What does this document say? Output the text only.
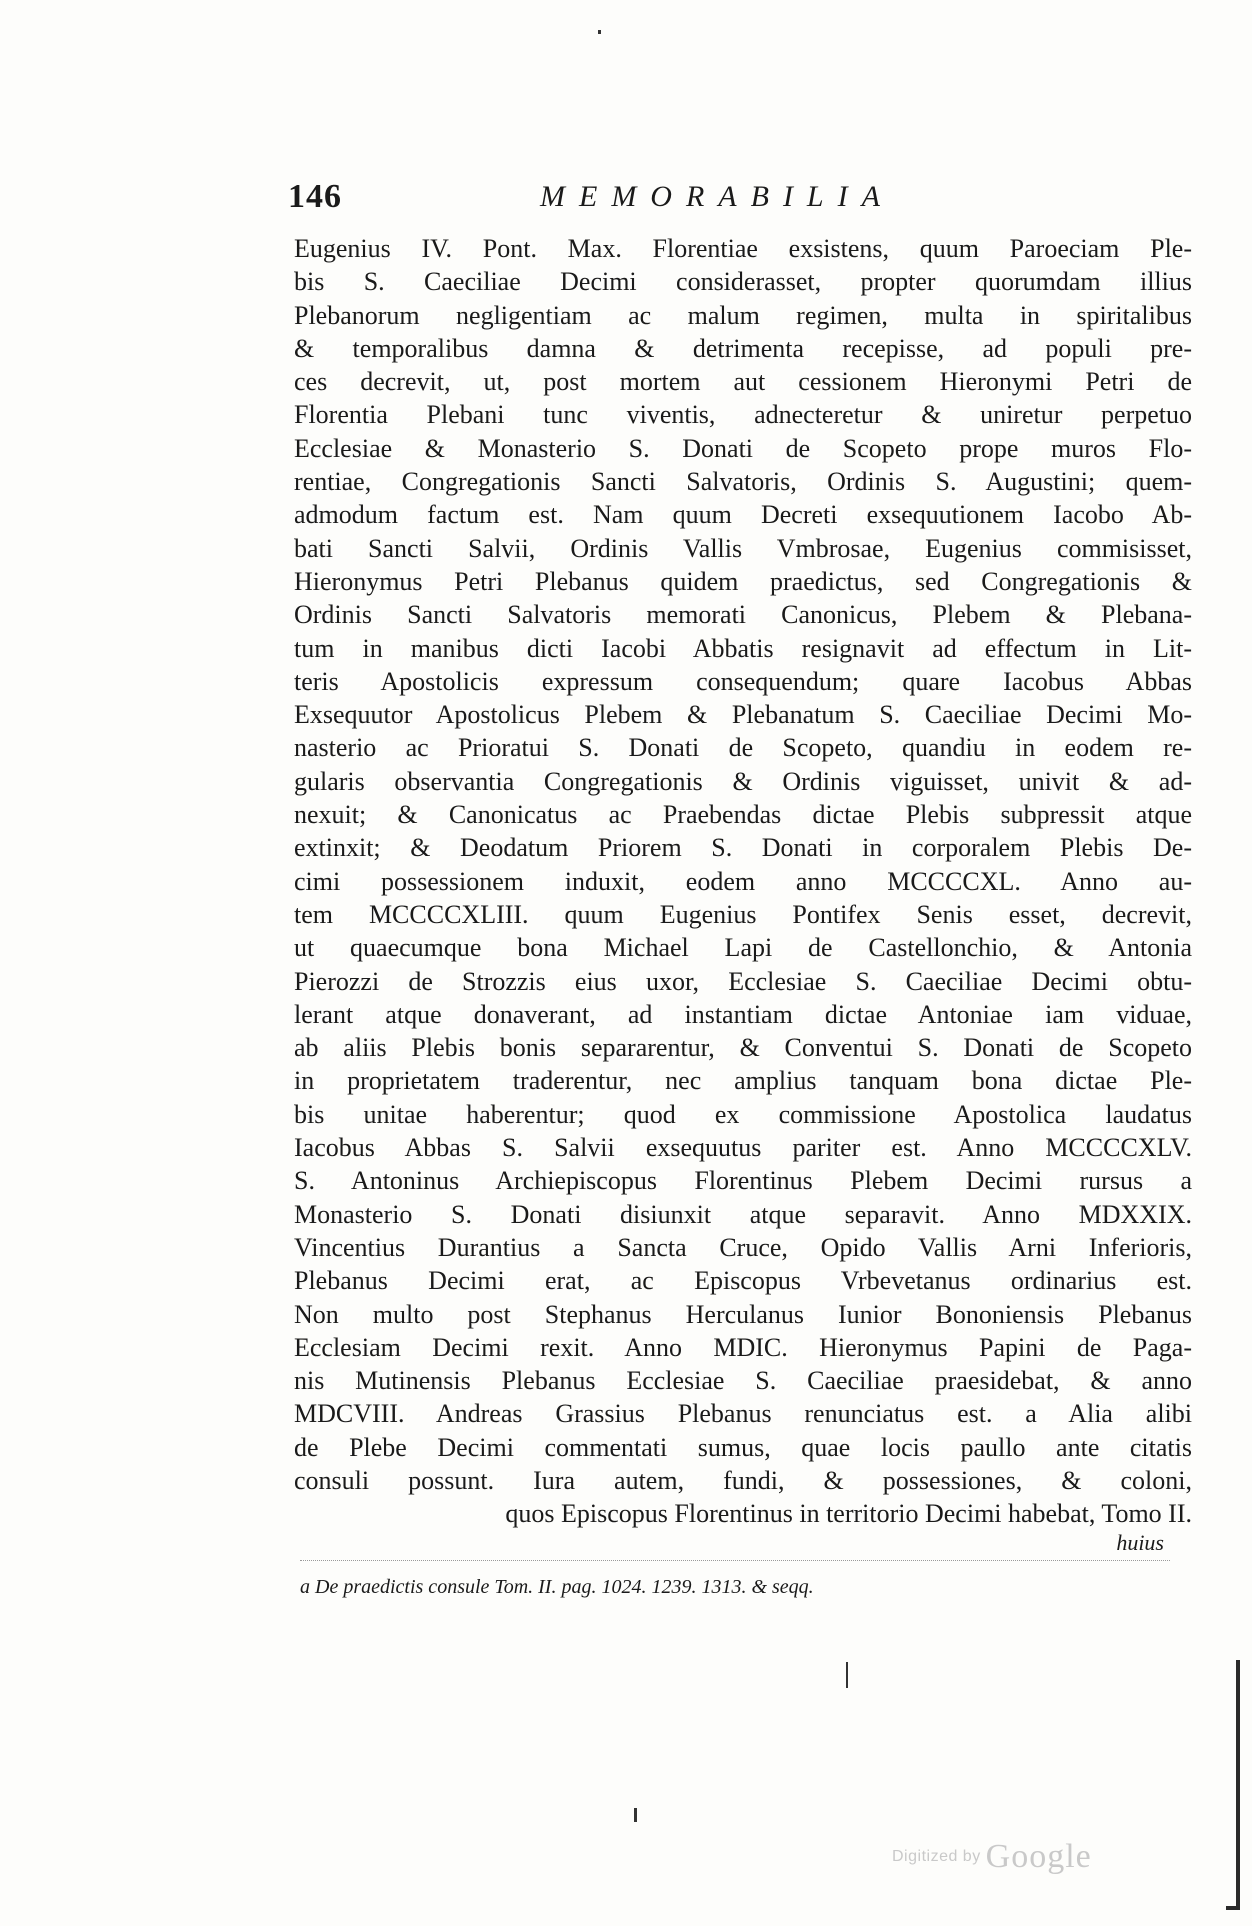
146	MEMORABILIA
Eugenius IV. Pont. Max. Florentiae exsistens, quum Paroeciam Ple-
bis S. Caeciliae Decimi considerasset, propter quorumdam illius
Plebanorum negligentiam ac malum regimen, multa in spiritalibus
& temporalibus damna & detrimenta recepisse, ad populi pre-
ces decrevit, ut, post mortem aut cessionem Hieronymi Petri de
Florentia Plebani tunc viventis, adnecteretur & uniretur perpetuo
Ecclesiae & Monasterio S. Donati de Scopeto prope muros Flo-
rentiae, Congregationis Sancti Salvatoris, Ordinis S. Augustini; quem-
admodum factum est. Nam quum Decreti exsequutionem Iacobo Ab-
bati Sancti Salvii, Ordinis Vallis Vmbrosae, Eugenius commisisset,
Hieronymus Petri Plebanus quidem praedictus, sed Congregationis &
Ordinis Sancti Salvatoris memorati Canonicus, Plebem & Plebana-
tum in manibus dicti Iacobi Abbatis resignavit ad effectum in Lit-
teris Apostolicis expressum consequendum; quare Iacobus Abbas
Exsequutor Apostolicus Plebem & Plebanatum S. Caeciliae Decimi Mo-
nasterio ac Prioratui S. Donati de Scopeto, quandiu in eodem re-
gularis observantia Congregationis & Ordinis viguisset, univit & ad-
nexuit; & Canonicatus ac Praebendas dictae Plebis subpressit atque
extinxit; & Deodatum Priorem S. Donati in corporalem Plebis De-
cimi possessionem induxit, eodem anno MCCCCXL. Anno au-
tem MCCCCXLIII. quum Eugenius Pontifex Senis esset, decrevit,
ut quaecumque bona Michael Lapi de Castellonchio, & Antonia
Pierozzi de Strozzis eius uxor, Ecclesiae S. Caeciliae Decimi obtu-
lerant atque donaverant, ad instantiam dictae Antoniae iam viduae,
ab aliis Plebis bonis separarentur, & Conventui S. Donati de Scopeto
in proprietatem traderentur, nec amplius tanquam bona dictae Ple-
bis unitae haberentur; quod ex commissione Apostolica laudatus
Iacobus Abbas S. Salvii exsequutus pariter est. Anno MCCCCXLV.
S. Antoninus Archiepiscopus Florentinus Plebem Decimi rursus a
Monasterio S. Donati disiunxit atque separavit. Anno MDXXIX.
Vincentius Durantius a Sancta Cruce, Opido Vallis Arni Inferioris,
Plebanus Decimi erat, ac Episcopus Vrbevetanus ordinarius est.
Non multo post Stephanus Herculanus Iunior Bononiensis Plebanus
Ecclesiam Decimi rexit. Anno MDIC. Hieronymus Papini de Paga-
nis Mutinensis Plebanus Ecclesiae S. Caeciliae praesidebat, & anno
MDCVIII. Andreas Grassius Plebanus renunciatus est. a Alia alibi
de Plebe Decimi commentati sumus, quae locis paullo ante citatis
consuli possunt. Iura autem, fundi, & possessiones, & coloni,
quos Episcopus Florentinus in territorio Decimi habebat, Tomo II.
huius
a De praedictis consule Tom. II. pag. 1024. 1239. 1313. & seqq.
Digitized by Google
